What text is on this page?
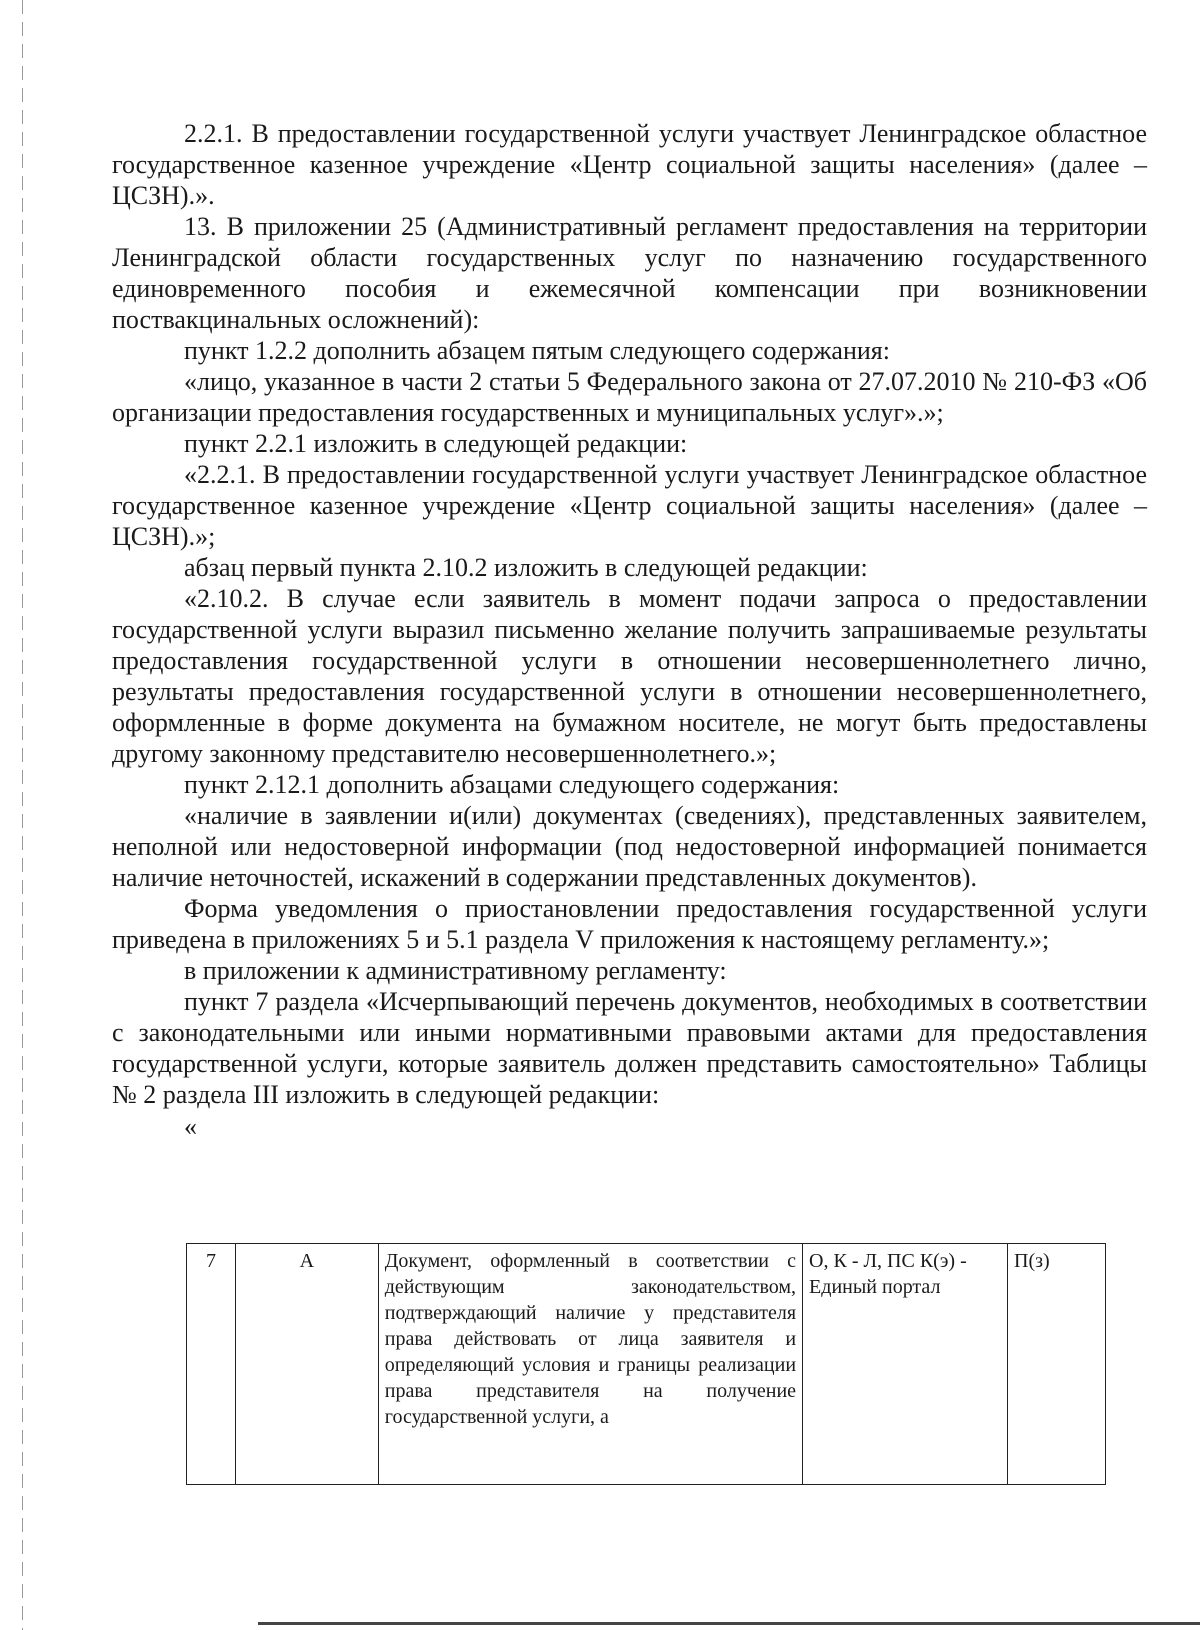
2.2.1. В предоставлении государственной услуги участвует Ленинградское областное государственное казенное учреждение «Центр социальной защиты населения» (далее – ЦСЗН).».

13. В приложении 25 (Административный регламент предоставления на территории Ленинградской области государственных услуг по назначению государственного единовременного пособия и ежемесячной компенсации при возникновении поствакцинальных осложнений):

пункт 1.2.2 дополнить абзацем пятым следующего содержания:

«лицо, указанное в части 2 статьи 5 Федерального закона от 27.07.2010 № 210-ФЗ «Об организации предоставления государственных и муниципальных услуг».»;

пункт 2.2.1 изложить в следующей редакции:

«2.2.1. В предоставлении государственной услуги участвует Ленинградское областное государственное казенное учреждение «Центр социальной защиты населения» (далее – ЦСЗН).»;

абзац первый пункта 2.10.2 изложить в следующей редакции:

«2.10.2. В случае если заявитель в момент подачи запроса о предоставлении государственной услуги выразил письменно желание получить запрашиваемые результаты предоставления государственной услуги в отношении несовершеннолетнего лично, результаты предоставления государственной услуги в отношении несовершеннолетнего, оформленные в форме документа на бумажном носителе, не могут быть предоставлены другому законному представителю несовершеннолетнего.»;

пункт 2.12.1 дополнить абзацами следующего содержания:

«наличие в заявлении и(или) документах (сведениях), представленных заявителем, неполной или недостоверной информации (под недостоверной информацией понимается наличие неточностей, искажений в содержании представленных документов).

Форма уведомления о приостановлении предоставления государственной услуги приведена в приложениях 5 и 5.1 раздела V приложения к настоящему регламенту.»;

в приложении к административному регламенту:

пункт 7 раздела «Исчерпывающий перечень документов, необходимых в соответствии с законодательными или иными нормативными правовыми актами для предоставления государственной услуги, которые заявитель должен представить самостоятельно» Таблицы № 2 раздела III изложить в следующей редакции:

«
7	А	Документ, оформленный в соответствии с действующим законодательством, подтверждающий наличие у представителя права действовать от лица заявителя и определяющий условия и границы реализации права представителя на получение государственной услуги, а	О, К - Л, ПС К(э) - Единый портал	П(з)
